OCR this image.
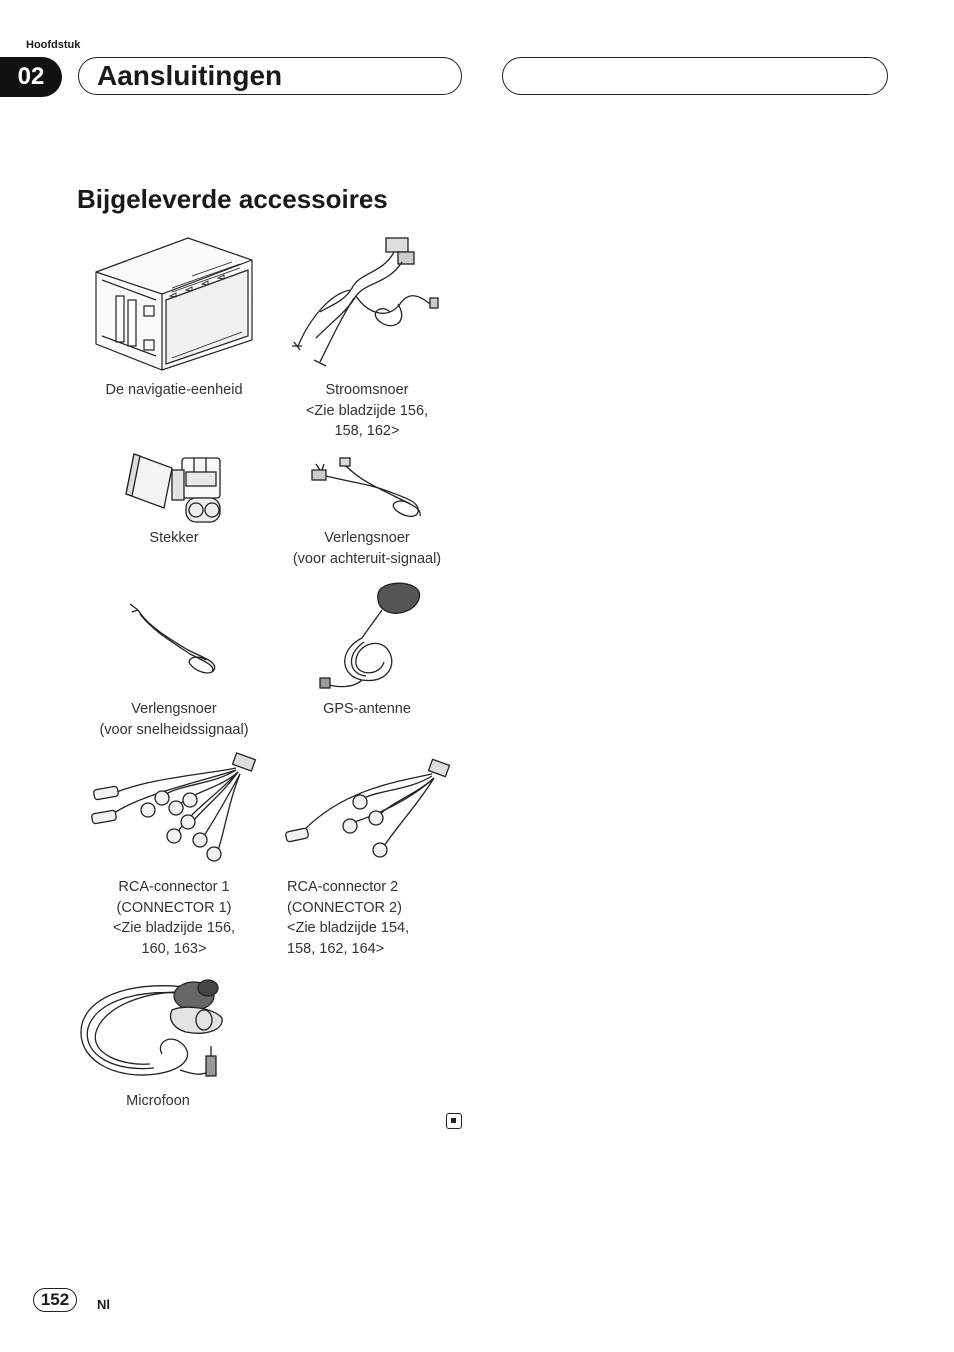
Hoofdstuk
02	Aansluitingen
Bijgeleverde accessoires
De navigatie-eenheid	Stroomsnoer
<Zie bladzijde 156,
158, 162>
Stekker	Verlengsnoer
(voor achteruit-signaal)
Verlengsnoer
(voor snelheidssignaal)
GPS-antenne
RCA-connector 1
(CONNECTOR 1)
<Zie bladzijde 156,
160, 163>
RCA-connector 2
(CONNECTOR 2)
<Zie bladzijde 154,
158, 162, 164>
Microfoon
152	Nl
